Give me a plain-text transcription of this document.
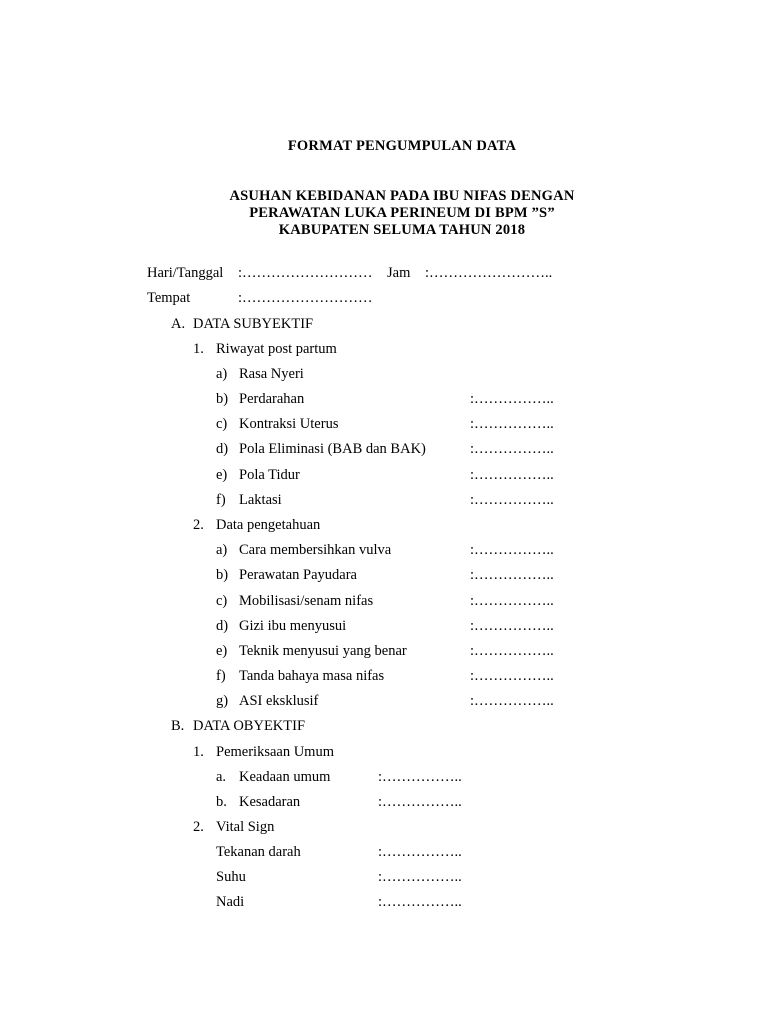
FORMAT PENGUMPULAN DATA
ASUHAN KEBIDANAN PADA IBU NIFAS DENGAN
PERAWATAN LUKA PERINEUM DI BPM ”S”
KABUPATEN SELUMA TAHUN 2018
Hari/Tanggal :……………………… Jam :……………………..
Tempat	:………………………
A. DATA SUBYEKTIF
1. Riwayat post partum
a) Rasa Nyeri
b) Perdarahan	:……………..
c) Kontraksi Uterus	:……………..
d) Pola Eliminasi (BAB dan BAK)	:……………..
e) Pola Tidur	:……………..
f) Laktasi	:……………..
2. Data pengetahuan
a) Cara membersihkan vulva	:……………..
b) Perawatan Payudara	:……………..
c) Mobilisasi/senam nifas	:……………..
d) Gizi ibu menyusui	:……………..
e) Teknik menyusui yang benar	:……………..
f) Tanda bahaya masa nifas	:……………..
g) ASI eksklusif	:……………..
B. DATA OBYEKTIF
1. Pemeriksaan Umum
a. Keadaan umum	:……………..
b. Kesadaran	:……………..
2. Vital Sign
Tekanan darah	:……………..
Suhu	:……………..
Nadi	:……………..
